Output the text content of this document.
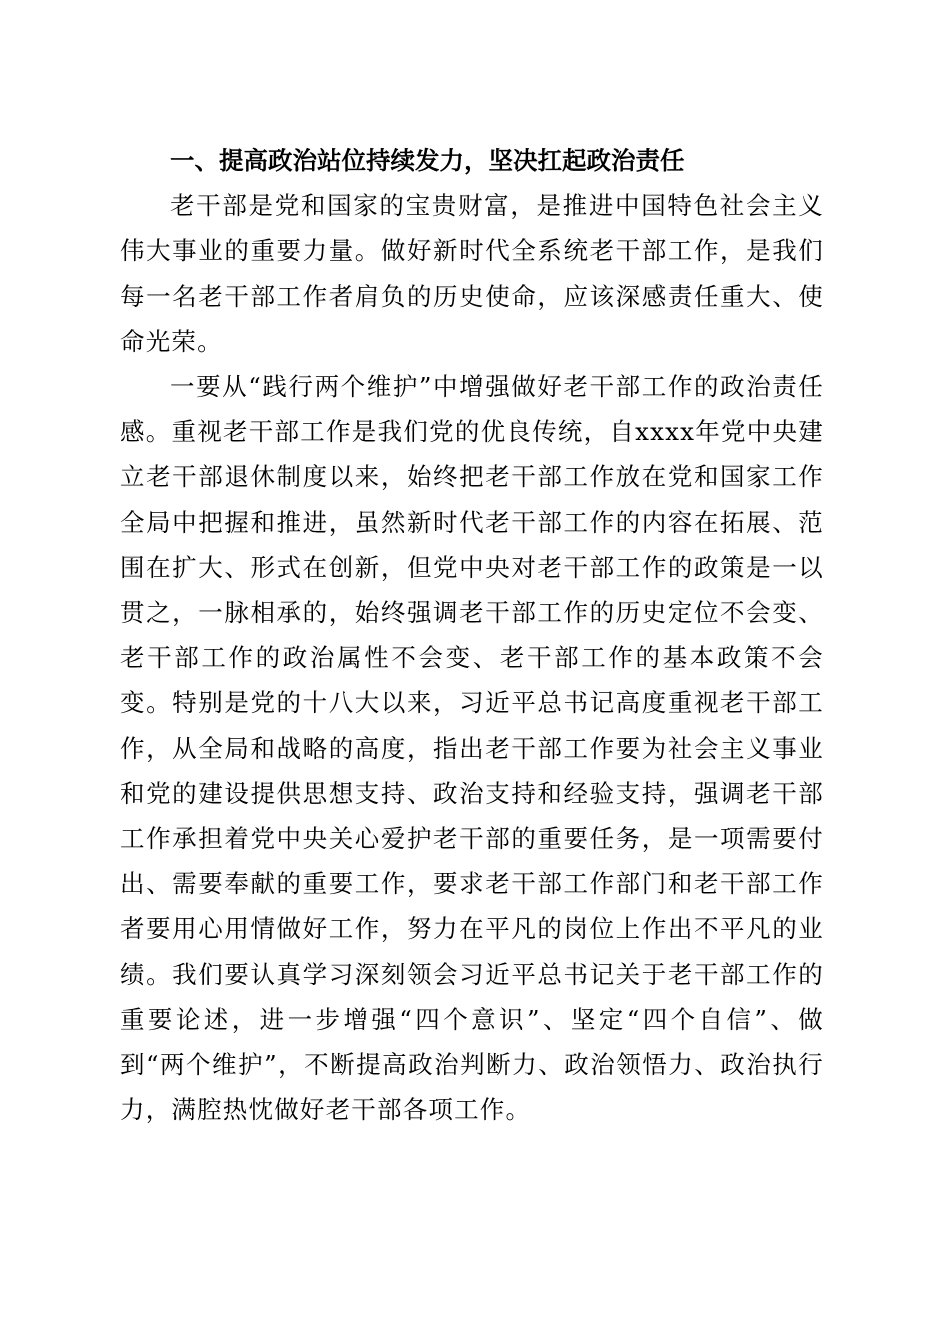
一、提高政治站位持续发力，坚决扛起政治责任

老干部是党和国家的宝贵财富，是推进中国特色社会主义伟大事业的重要力量。做好新时代全系统老干部工作，是我们每一名老干部工作者肩负的历史使命，应该深感责任重大、使命光荣。

一要从“践行两个维护”中增强做好老干部工作的政治责任感。重视老干部工作是我们党的优良传统，自xxxx年党中央建立老干部退休制度以来，始终把老干部工作放在党和国家工作全局中把握和推进，虽然新时代老干部工作的内容在拓展、范围在扩大、形式在创新，但党中央对老干部工作的政策是一以贯之，一脉相承的，始终强调老干部工作的历史定位不会变、老干部工作的政治属性不会变、老干部工作的基本政策不会变。特别是党的十八大以来，习近平总书记高度重视老干部工作，从全局和战略的高度，指出老干部工作要为社会主义事业和党的建设提供思想支持、政治支持和经验支持，强调老干部工作承担着党中央关心爱护老干部的重要任务，是一项需要付出、需要奉献的重要工作，要求老干部工作部门和老干部工作者要用心用情做好工作，努力在平凡的岗位上作出不平凡的业绩。我们要认真学习深刻领会习近平总书记关于老干部工作的重要论述，进一步增强“四个意识”、坚定“四个自信”、做到“两个维护”，不断提高政治判断力、政治领悟力、政治执行力，满腔热忱做好老干部各项工作。
